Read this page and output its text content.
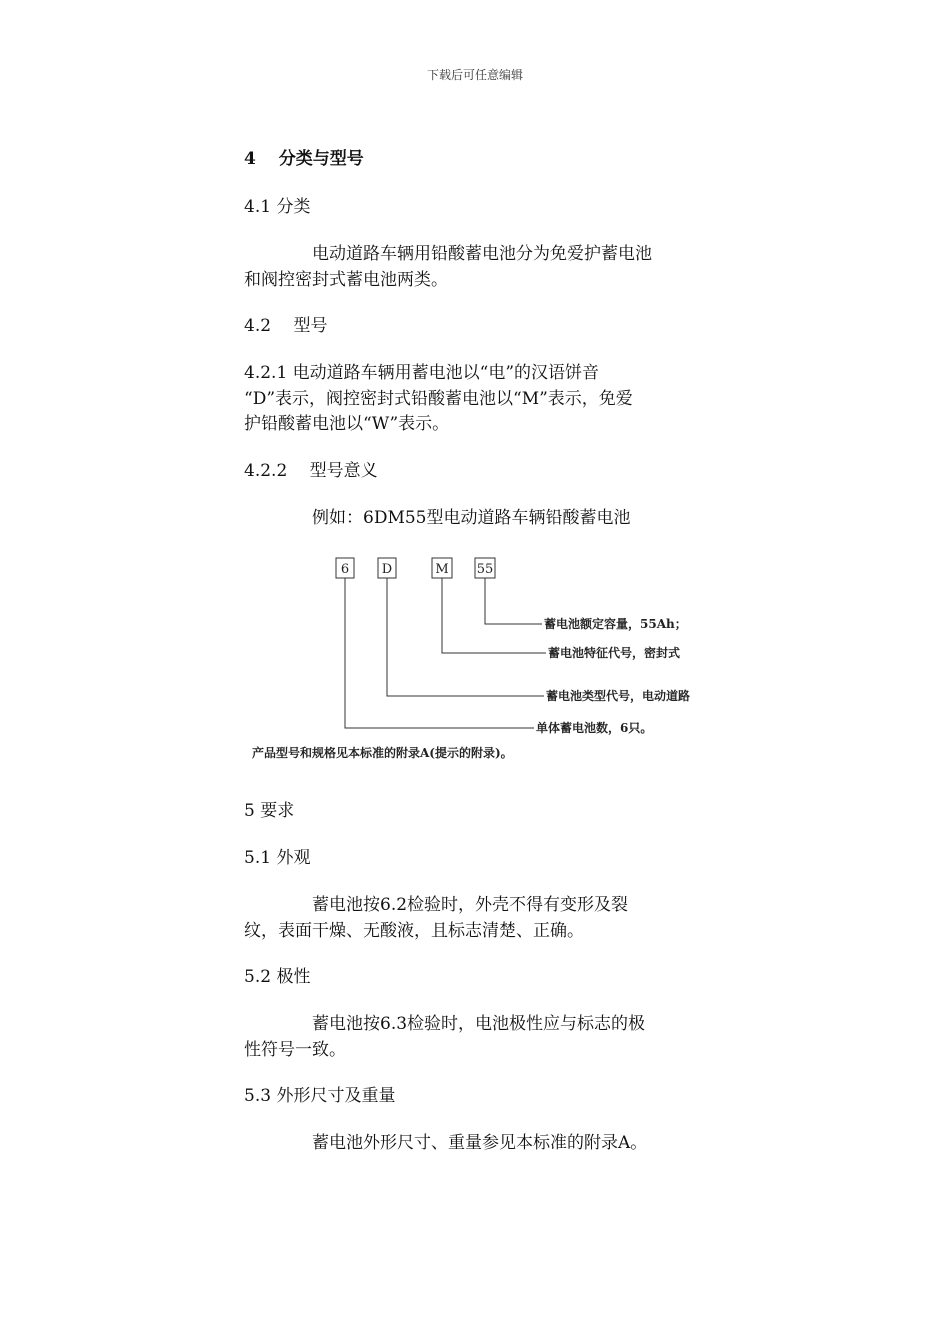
下载后可任意编辑
4　 分类与型号
4.1 分类
电动道路车辆用铅酸蓄电池分为免爱护蓄电池
和阀控密封式蓄电池两类。
4.2　 型号
4.2.1 电动道路车辆用蓄电池以“电”的汉语饼音
“D”表示，阀控密封式铅酸蓄电池以“M”表示，免爱
护铅酸蓄电池以“W”表示。
4.2.2　 型号意义
例如：6DM55型电动道路车辆铅酸蓄电池
6	D	M 55
蓄电池额定容量，55Ah；
蓄电池特征代号，密封式
蓄电池类型代号，电动道路
单体蓄电池数，6只。
产品型号和规格见本标准的附录A(提示的附录)。
5 要求
5.1 外观
蓄电池按6.2检验时，外壳不得有变形及裂
纹，表面干燥、无酸液，且标志清楚、正确。
5.2 极性
蓄电池按6.3检验时，电池极性应与标志的极
性符号一致。
5.3 外形尺寸及重量
蓄电池外形尺寸、重量参见本标准的附录A。
